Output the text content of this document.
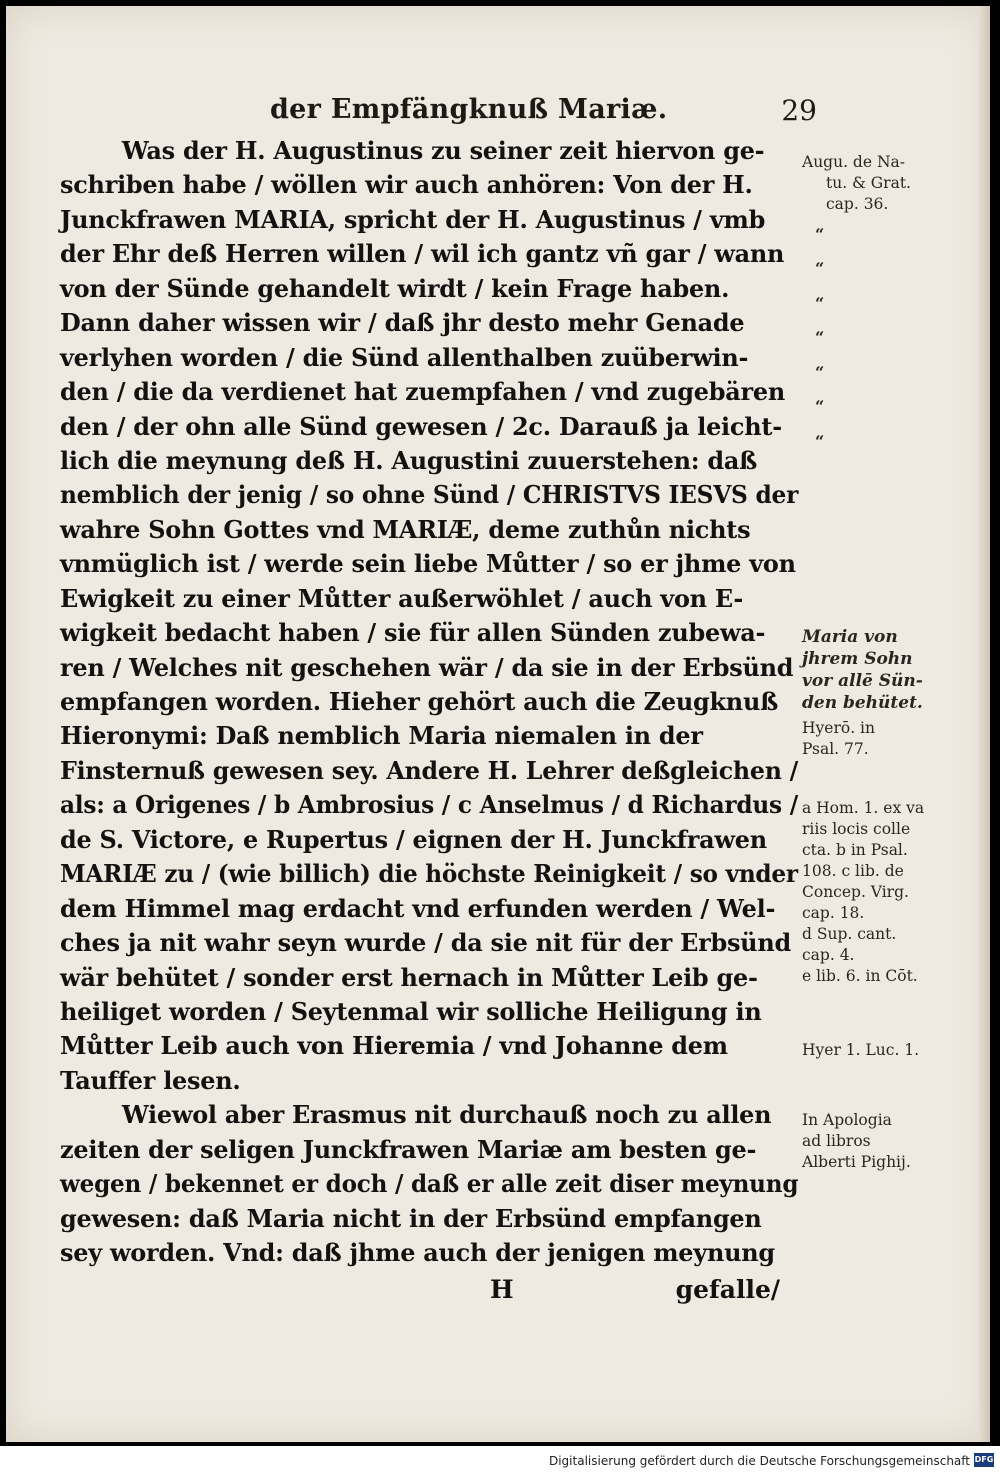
der Empfängknuß Mariæ.	29
Was der H. Augustinus zu seiner zeit hiervon ge-
schriben habe / wöllen wir auch anhören: Von der H.
Junckfrawen MARIA, spricht der H. Augustinus / vmb
der Ehr deß Herren willen / wil ich gantz vñ gar / wann
von der Sünde gehandelt wirdt / kein Frage haben.
Dann daher wissen wir / daß jhr desto mehr Genade
verlyhen worden / die Sünd allenthalben zuüberwin-
den / die da verdienet hat zuempfahen / vnd zugebären
den / der ohn alle Sünd gewesen / 2c. Darauß ja leicht-
lich die meynung deß H. Augustini zuuerstehen: daß
nemblich der jenig / so ohne Sünd / CHRISTVS IESVS der
wahre Sohn Gottes vnd MARIÆ, deme zuthůn nichts
vnmüglich ist / werde sein liebe Můtter / so er jhme von
Ewigkeit zu einer Můtter außerwöhlet / auch von E-
wigkeit bedacht haben / sie für allen Sünden zubewa-
ren / Welches nit geschehen wär / da sie in der Erbsünd
empfangen worden. Hieher gehört auch die Zeugknuß
Hieronymi: Daß nemblich Maria niemalen in der
Finsternuß gewesen sey. Andere H. Lehrer deßgleichen /
als: a Origenes / b Ambrosius / c Anselmus / d Richardus /
de S. Victore, e Rupertus / eignen der H. Junckfrawen
MARIÆ zu / (wie billich) die höchste Reinigkeit / so vnder
dem Himmel mag erdacht vnd erfunden werden / Wel-
ches ja nit wahr seyn wurde / da sie nit für der Erbsünd
wär behütet / sonder erst hernach in Můtter Leib ge-
heiliget worden / Seytenmal wir solliche Heiligung in
Můtter Leib auch von Hieremia / vnd Johanne dem
Tauffer lesen.
Wiewol aber Erasmus nit durchauß noch zu allen
zeiten der seligen Junckfrawen Mariæ am besten ge-
wegen / bekennet er doch / daß er alle zeit diser meynung
gewesen: daß Maria nicht in der Erbsünd empfangen
sey worden. Vnd: daß jhme auch der jenigen meynung
H	gefalle/
Augu. de Na-
tu. & Grat.
cap. 36.
“
“
“
“
“
“
“
Maria von
jhrem Sohn
vor allē Sün-
den behütet.
Hyerō. in
Psal. 77.
a Hom. 1. ex va
riis locis colle
cta. b in Psal.
108. c lib. de
Concep. Virg.
cap. 18.
d Sup. cant.
cap. 4.
e lib. 6. in Cōt.
Hyer 1. Luc. 1.
In Apologia
ad libros
Alberti Pighij.
Digitalisierung gefördert durch die Deutsche Forschungsgemeinschaft DFG
